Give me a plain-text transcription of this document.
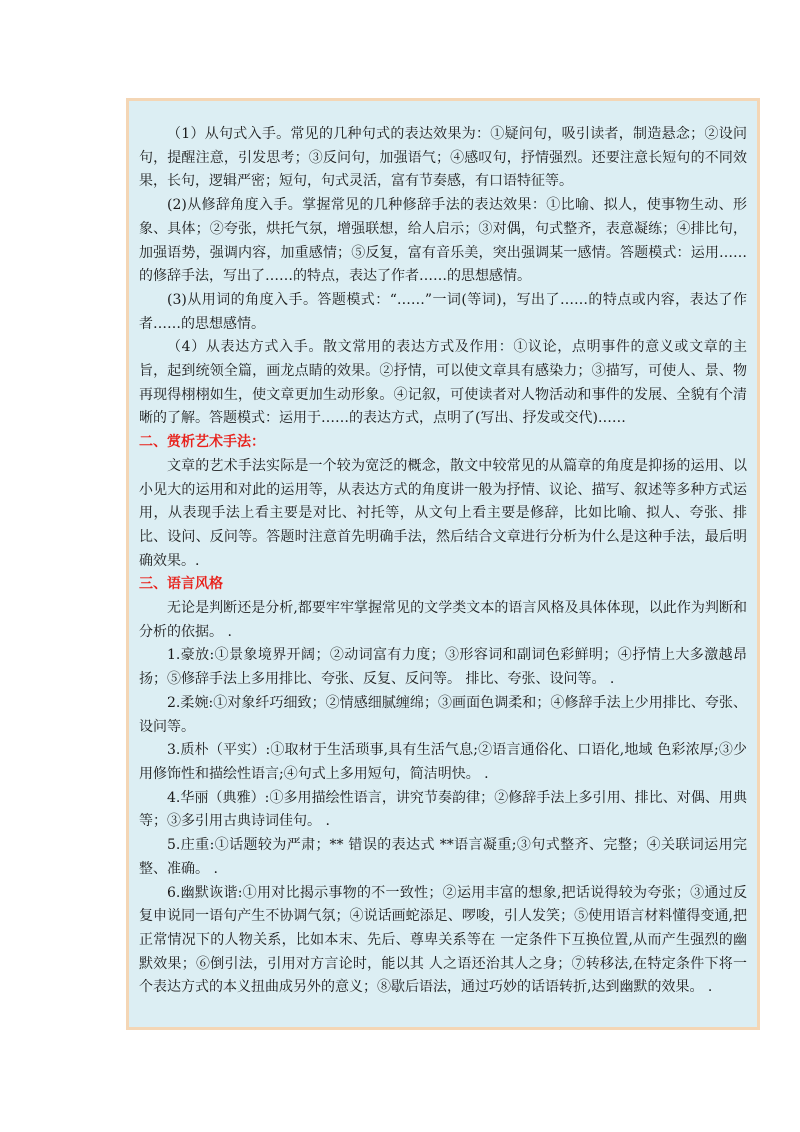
（1）从句式入手。常见的几种句式的表达效果为：①疑问句，吸引读者，制造悬念；②设问句，提醒注意，引发思考；③反问句，加强语气；④感叹句，抒情强烈。还要注意长短句的不同效果，长句，逻辑严密；短句，句式灵活，富有节奏感，有口语特征等。

(2)从修辞角度入手。掌握常见的几种修辞手法的表达效果：①比喻、拟人，使事物生动、形象、具体；②夸张，烘托气氛，增强联想，给人启示；③对偶，句式整齐，表意凝练；④排比句，加强语势，强调内容，加重感情；⑤反复，富有音乐美，突出强调某一感情。答题模式：运用……的修辞手法，写出了……的特点，表达了作者……的思想感情。

(3)从用词的角度入手。答题模式：“……”一词(等词)，写出了……的特点或内容，表达了作者……的思想感情。

（4）从表达方式入手。散文常用的表达方式及作用：①议论，点明事件的意义或文章的主旨，起到统领全篇，画龙点睛的效果。②抒情，可以使文章具有感染力；③描写，可使人、景、物再现得栩栩如生，使文章更加生动形象。④记叙，可使读者对人物活动和事件的发展、全貌有个清晰的了解。答题模式：运用于……的表达方式，点明了(写出、抒发或交代)……

二、赏析艺术手法：

文章的艺术手法实际是一个较为宽泛的概念，散文中较常见的从篇章的角度是抑扬的运用、以小见大的运用和对此的运用等，从表达方式的角度讲一般为抒情、议论、描写、叙述等多种方式运用，从表现手法上看主要是对比、衬托等，从文句上看主要是修辞，比如比喻、拟人、夸张、排比、设问、反问等。答题时注意首先明确手法，然后结合文章进行分析为什么是这种手法，最后明确效果。.

三、语言风格

无论是判断还是分析,都要牢牢掌握常见的文学类文本的语言风格及具体体现，以此作为判断和分析的依据。 .

1.豪放:①景象境界开阔；②动词富有力度；③形容词和副词色彩鲜明；④抒情上大多激越昂扬；⑤修辞手法上多用排比、夸张、反复、反问等。 排比、夸张、设问等。 .

2.柔婉:①对象纤巧细致；②情感细腻缠绵；③画面色调柔和；④修辞手法上少用排比、夸张、设问等。

3.质朴（平实）:①取材于生活琐事,具有生活气息;②语言通俗化、口语化,地域 色彩浓厚;③少用修饰性和描绘性语言;④句式上多用短句，简洁明快。 .

4.华丽（典雅）:①多用描绘性语言，讲究节奏韵律；②修辞手法上多引用、排比、对偶、用典等；③多引用古典诗词佳句。 .

5.庄重:①话题较为严肃；** 错误的表达式 **语言凝重;③句式整齐、完整；④关联词运用完整、准确。 .

6.幽默诙谐:①用对比揭示事物的不一致性；②运用丰富的想象,把话说得较为夸张；③通过反复申说同一语句产生不协调气氛；④说话画蛇添足、啰唆，引人发笑；⑤使用语言材料懂得变通,把正常情况下的人物关系，比如本末、先后、尊卑关系等在 一定条件下互换位置,从而产生强烈的幽默效果；⑥倒引法，引用对方言论时，能以其 人之语还治其人之身；⑦转移法,在特定条件下将一个表达方式的本义扭曲成另外的意义；⑧歇后语法，通过巧妙的话语转折,达到幽默的效果。 .
